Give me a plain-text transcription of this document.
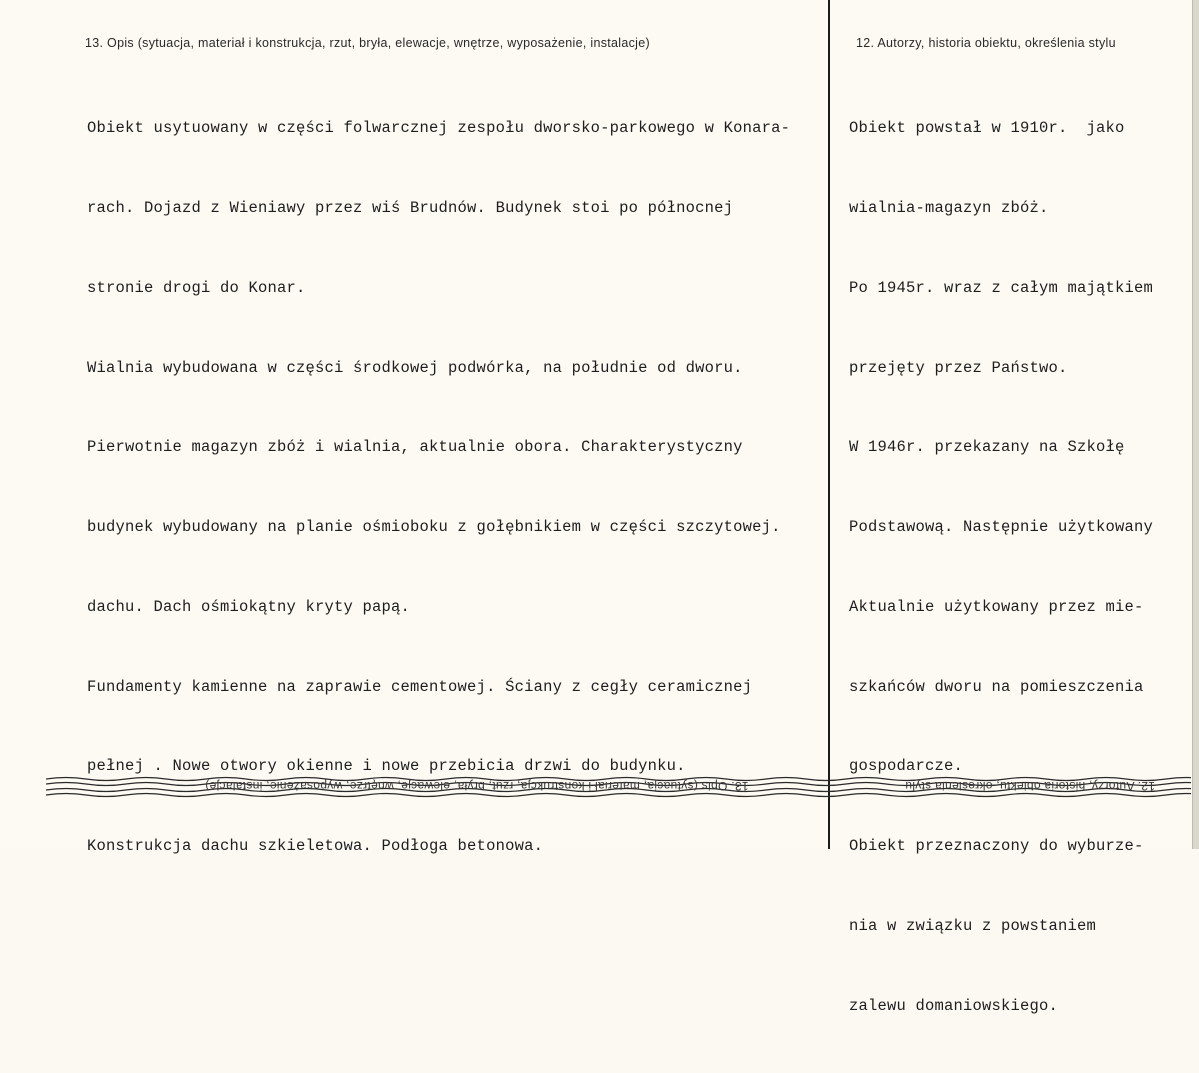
13. Opis (sytuacja, materiał i konstrukcja, rzut, bryła, elewacje, wnętrze, wyposażenie, instalacje)	12. Autorzy, historia obiektu, określenia stylu

Obiekt usytuowany w części folwarcznej zespołu dworsko-parkowego w Konara-

rach. Dojazd z Wieniawy przez wiś Brudnów. Budynek stoi po północnej

stronie drogi do Konar.

Wialnia wybudowana w części środkowej podwórka, na południe od dworu.

Pierwotnie magazyn zbóż i wialnia, aktualnie obora. Charakterystyczny

budynek wybudowany na planie ośmioboku z gołębnikiem w części szczytowej.

dachu. Dach ośmiokątny kryty papą.

Fundamenty kamienne na zaprawie cementowej. Ściany z cegły ceramicznej

pełnej . Nowe otwory okienne i nowe przebicia drzwi do budynku.

Konstrukcja dachu szkieletowa. Podłoga betonowa.

Obiekt powstał w 1910r.  jako

wialnia-magazyn zbóż.

Po 1945r. wraz z całym majątkiem

przejęty przez Państwo.

W 1946r. przekazany na Szkołę

Podstawową. Następnie użytkowany

Aktualnie użytkowany przez mie-

szkańców dworu na pomieszczenia

gospodarcze.

Obiekt przeznaczony do wyburze-

nia w związku z powstaniem

zalewu domaniowskiego.

13. Opis (sytuacja, materiał i konstrukcja, rzut, bryła, elewacje, wnętrze, wyposażenie, instalacje)	12. Autorzy, historia obiektu, określenia stylu
